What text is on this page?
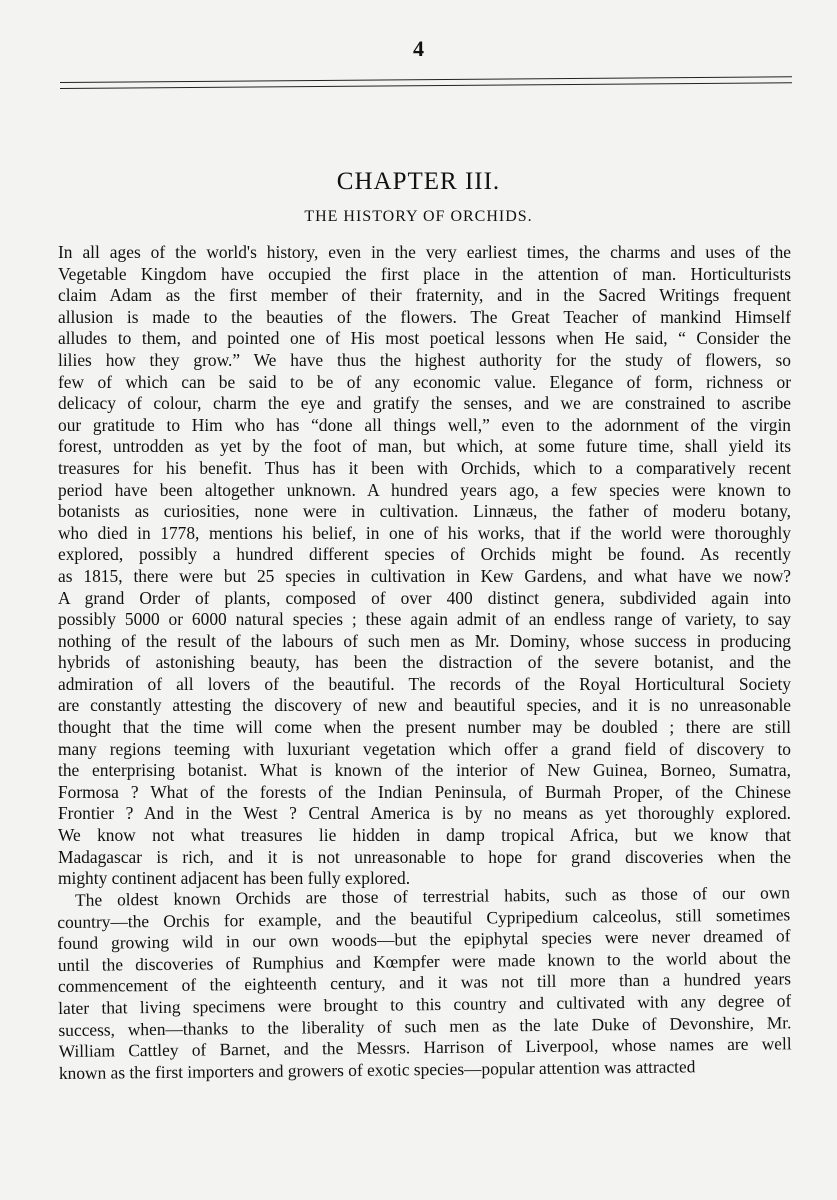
4
CHAPTER III.
THE HISTORY OF ORCHIDS.
In all ages of the world's history, even in the very earliest times, the charms and uses of the
Vegetable Kingdom have occupied the first place in the attention of man. Horticulturists
claim Adam as the first member of their fraternity, and in the Sacred Writings frequent
allusion is made to the beauties of the flowers. The Great Teacher of mankind Himself
alludes to them, and pointed one of His most poetical lessons when He said, “ Consider the
lilies how they grow.” We have thus the highest authority for the study of flowers, so
few of which can be said to be of any economic value. Elegance of form, richness or
delicacy of colour, charm the eye and gratify the senses, and we are constrained to ascribe
our gratitude to Him who has “done all things well,” even to the adornment of the virgin
forest, untrodden as yet by the foot of man, but which, at some future time, shall yield its
treasures for his benefit. Thus has it been with Orchids, which to a comparatively recent
period have been altogether unknown. A hundred years ago, a few species were known to
botanists as curiosities, none were in cultivation. Linnæus, the father of moderu botany,
who died in 1778, mentions his belief, in one of his works, that if the world were thoroughly
explored, possibly a hundred different species of Orchids might be found. As recently
as 1815, there were but 25 species in cultivation in Kew Gardens, and what have we now?
A grand Order of plants, composed of over 400 distinct genera, subdivided again into
possibly 5000 or 6000 natural species ; these again admit of an endless range of variety, to say
nothing of the result of the labours of such men as Mr. Dominy, whose success in producing
hybrids of astonishing beauty, has been the distraction of the severe botanist, and the
admiration of all lovers of the beautiful. The records of the Royal Horticultural Society
are constantly attesting the discovery of new and beautiful species, and it is no unreasonable
thought that the time will come when the present number may be doubled ; there are still
many regions teeming with luxuriant vegetation which offer a grand field of discovery to
the enterprising botanist. What is known of the interior of New Guinea, Borneo, Sumatra,
Formosa ? What of the forests of the Indian Peninsula, of Burmah Proper, of the Chinese
Frontier ? And in the West ? Central America is by no means as yet thoroughly explored.
We know not what treasures lie hidden in damp tropical Africa, but we know that
Madagascar is rich, and it is not unreasonable to hope for grand discoveries when the
mighty continent adjacent has been fully explored.
The oldest known Orchids are those of terrestrial habits, such as those of our own
country—the Orchis for example, and the beautiful Cypripedium calceolus, still sometimes
found growing wild in our own woods—but the epiphytal species were never dreamed of
until the discoveries of Rumphius and Kœmpfer were made known to the world about the
commencement of the eighteenth century, and it was not till more than a hundred years
later that living specimens were brought to this country and cultivated with any degree of
success, when—thanks to the liberality of such men as the late Duke of Devonshire, Mr.
William Cattley of Barnet, and the Messrs. Harrison of Liverpool, whose names are well
known as the first importers and growers of exotic species—popular attention was attracted
